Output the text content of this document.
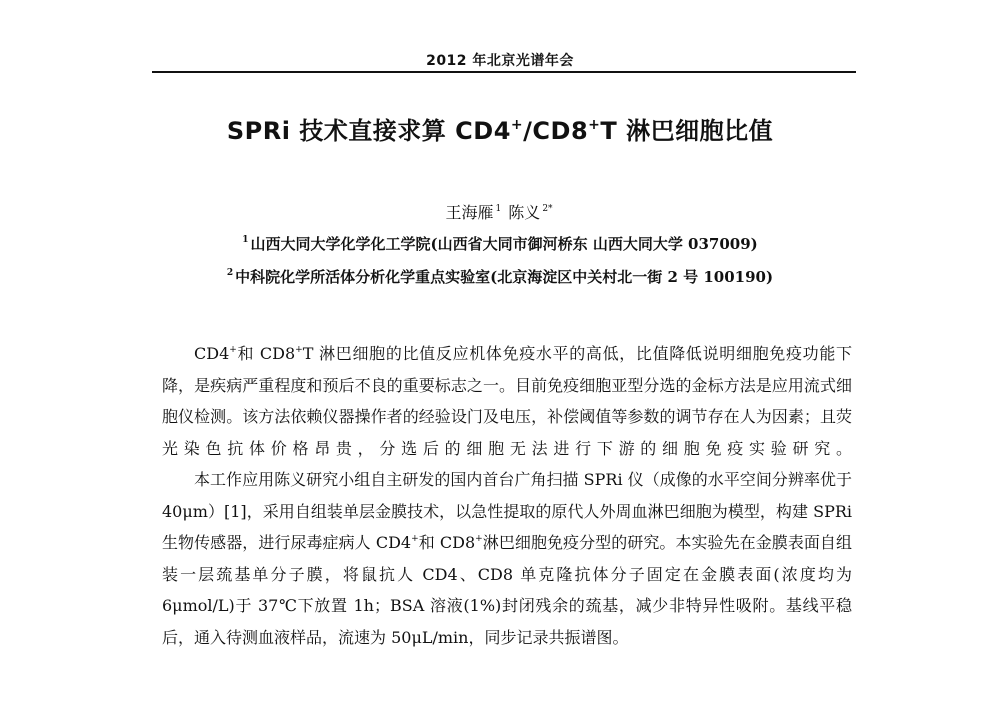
2012 年北京光谱年会
SPRi 技术直接求算 CD4+/CD8+T 淋巴细胞比值
王海雁 $^1$ 陈义 $^{2*}$
$^1$ 山西大同大学化学化工学院(山西省大同市御河桥东 山西大同大学 037009)
$^2$ 中科院化学所活体分析化学重点实验室(北京海淀区中关村北一街 2 号 100190)

CD4+和 CD8+T 淋巴细胞的比值反应机体免疫水平的高低，比值降低说明细胞免疫功能下降，是疾病严重程度和预后不良的重要标志之一。目前免疫细胞亚型分选的金标方法是应用流式细胞仪检测。该方法依赖仪器操作者的经验设门及电压，补偿阈值等参数的调节存在人为因素；且荧光染色抗体价格昂贵，分选后的细胞无法进行下游的细胞免疫实验研究。

本工作应用陈义研究小组自主研发的国内首台广角扫描 SPRi 仪（成像的水平空间分辨率优于 40μm）[1]，采用自组装单层金膜技术，以急性提取的原代人外周血淋巴细胞为模型，构建 SPRi 生物传感器，进行尿毒症病人 CD4+和 CD8+淋巴细胞免疫分型的研究。本实验先在金膜表面自组装一层巯基单分子膜，将鼠抗人 CD4、CD8 单克隆抗体分子固定在金膜表面(浓度均为 6μmol/L)于 37℃下放置 1h；BSA 溶液(1%)封闭残余的巯基，减少非特异性吸附。基线平稳后，通入待测血液样品，流速为 50μL/min，同步记录共振谱图。
